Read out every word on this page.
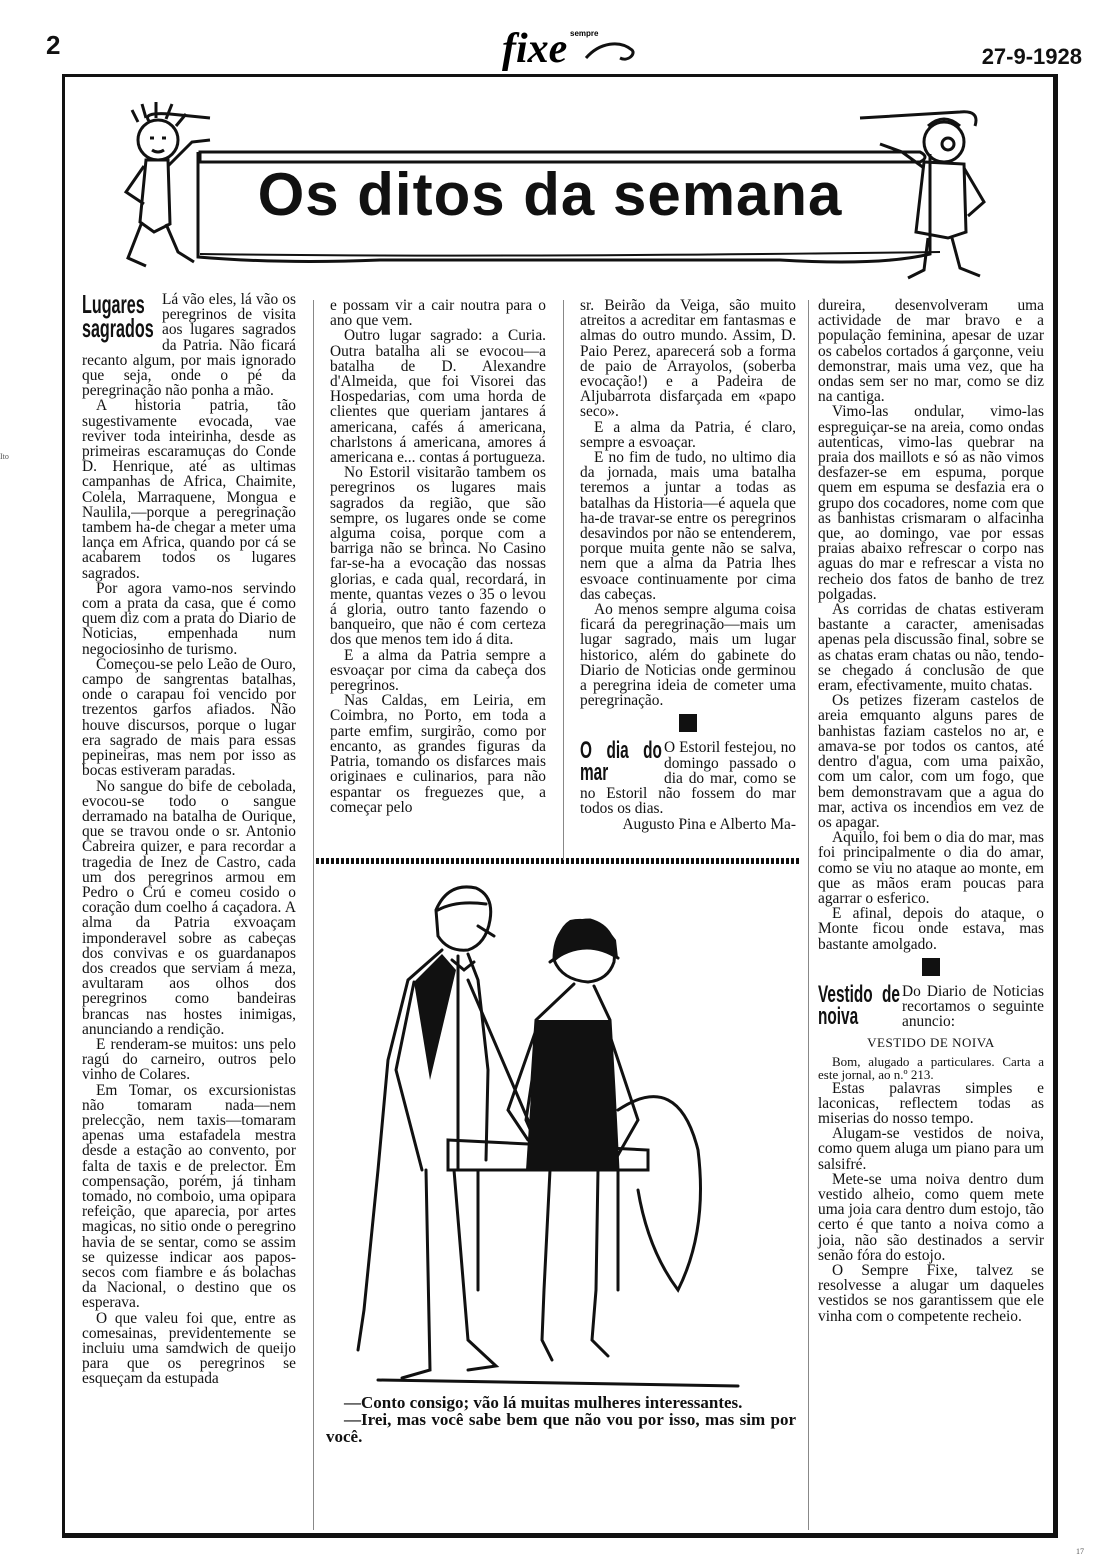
2	fixe sempre
27-9-1928
Os ditos da semana
Lugares sagrados

Lá vão eles, lá vão os peregrinos de visita aos lugares sagrados da Patria. Não ficará recanto algum, por mais ignorado que seja, onde o pé da peregrinação não ponha a mão.

A historia patria, tão sugestivamente evocada, vae reviver toda inteirinha, desde as primeiras escaramuças do Conde D. Henrique, até as ultimas campanhas de Africa, Chaimite, Colela, Marraquene, Mongua e Naulila,—porque a peregrinação tambem ha-de chegar a meter uma lança em Africa, quando por cá se acabarem todos os lugares sagrados.

Por agora vamo-nos servindo com a prata da casa, que é como quem diz com a prata do Diario de Noticias, empenhada num negociosinho de turismo.

Começou-se pelo Leão de Ouro, campo de sangrentas batalhas, onde o carapau foi vencido por trezentos garfos afiados. Não houve discursos, porque o lugar era sagrado de mais para essas pepineiras, mas nem por isso as bocas estiveram paradas.

No sangue do bife de cebolada, evocou-se todo o sangue derramado na batalha de Ourique, que se travou onde o sr. Antonio Cabreira quizer, e para recordar a tragedia de Inez de Castro, cada um dos peregrinos armou em Pedro o Crú e comeu cosido o coração dum coelho á caçadora. A alma da Patria exvoaçam imponderavel sobre as cabeças dos convivas e os guardanapos dos creados que serviam á meza, avultaram aos olhos dos peregrinos como bandeiras brancas nas hostes inimigas, anunciando a rendição.

E renderam-se muitos: uns pelo ragú do carneiro, outros pelo vinho de Colares.

Em Tomar, os excursionistas não tomaram nada—nem prelecção, nem taxis—tomaram apenas uma estafadela mestra desde a estação ao convento, por falta de taxis e de prelector. Em compensação, porém, já tinham tomado, no comboio, uma opipara refeição, que aparecia, por artes magicas, no sitio onde o peregrino havia de se sentar, como se assim se quizesse indicar aos papos-secos com fiambre e ás bolachas da Nacional, o destino que os esperava.

O que valeu foi que, entre as comesainas, previdentemente se incluiu uma samdwich de queijo para que os peregrinos se esqueçam da estupada

e possam vir a cair noutra para o ano que vem.

Outro lugar sagrado: a Curia. Outra batalha ali se evocou—a batalha de D. Alexandre d'Almeida, que foi Visorei das Hospedarias, com uma horda de clientes que queriam jantares á americana, cafés á americana, charlstons á americana, amores á americana e... contas á portugueza.

No Estoril visitarão tambem os peregrinos os lugares mais sagrados da região, que são sempre, os lugares onde se come alguma coisa, porque com a barriga não se brinca. No Casino far-se-ha a evocação das nossas glorias, e cada qual, recordará, in mente, quantas vezes o 35 o levou á gloria, outro tanto fazendo o banqueiro, que não é com certeza dos que menos tem ido á dita.

E a alma da Patria sempre a esvoaçar por cima da cabeça dos peregrinos.

Nas Caldas, em Leiria, em Coimbra, no Porto, em toda a parte emfim, surgirão, como por encanto, as grandes figuras da Patria, tomando os disfarces mais originaes e culinarios, para não espantar os freguezes que, a começar pelo

sr. Beirão da Veiga, são muito atreitos a acreditar em fantasmas e almas do outro mundo. Assim, D. Paio Perez, aparecerá sob a forma de paio de Arrayolos, (soberba evocação!) e a Padeira de Aljubarrota disfarçada em «papo seco».

E a alma da Patria, é claro, sempre a esvoaçar.

E no fim de tudo, no ultimo dia da jornada, mais uma batalha teremos a juntar a todas as batalhas da Historia—é aquela que ha-de travar-se entre os peregrinos desavindos por não se entenderem, porque muita gente não se salva, nem que a alma da Patria lhes esvoace continuamente por cima das cabeças.

Ao menos sempre alguma coisa ficará da peregrinação—mais um lugar sagrado, mais um lugar historico, além do gabinete do Diario de Noticias onde germinou a peregrina ideia de cometer uma peregrinação.

O dia do mar

O Estoril festejou, no domingo passado o dia do mar, como se no Estoril não fossem do mar todos os dias.

Augusto Pina e Alberto Ma-

dureira, desenvolveram uma actividade de mar bravo e a população feminina, apesar de uzar os cabelos cortados á garçonne, veiu demonstrar, mais uma vez, que ha ondas sem ser no mar, como se diz na cantiga.

Vimo-las ondular, vimo-las espreguiçar-se na areia, como ondas autenticas, vimo-las quebrar na praia dos maillots e só as não vimos desfazer-se em espuma, porque quem em espuma se desfazia era o grupo dos cocadores, nome com que as banhistas crismaram o alfacinha que, ao domingo, vae por essas praias abaixo refrescar o corpo nas aguas do mar e refrescar a vista no recheio dos fatos de banho de trez polgadas.

As corridas de chatas estiveram bastante a caracter, amenisadas apenas pela discussão final, sobre se as chatas eram chatas ou não, tendo-se chegado á conclusão de que eram, efectivamente, muito chatas.

Os petizes fizeram castelos de areia emquanto alguns pares de banhistas faziam castelos no ar, e amava-se por todos os cantos, até dentro d'agua, com uma paixão, com um calor, com um fogo, que bem demonstravam que a agua do mar, activa os incendios em vez de os apagar.

Aquilo, foi bem o dia do mar, mas foi principalmente o dia do amar, como se viu no ataque ao monte, em que as mãos eram poucas para agarrar o esferico.

E afinal, depois do ataque, o Monte ficou onde estava, mas bastante amolgado.

Vestido de noiva

Do Diario de Noticias recortamos o seguinte anuncio:

VESTIDO DE NOIVA

Bom, alugado a particulares. Carta a este jornal, ao n.º 213.

Estas palavras simples e laconicas, reflectem todas as miserias do nosso tempo.

Alugam-se vestidos de noiva, como quem aluga um piano para um salsifré.

Mete-se uma noiva dentro dum vestido alheio, como quem mete uma joia cara dentro dum estojo, tão certo é que tanto a noiva como a joia, não são destinados a servir senão fóra do estojo.

O Sempre Fixe, talvez se resolvesse a alugar um daqueles vestidos se nos garantissem que ele vinha com o competente recheio.

—Conto consigo; vão lá muitas mulheres interessantes.

—Irei, mas você sabe bem que não vou por isso, mas sim por você.

Ito
17
